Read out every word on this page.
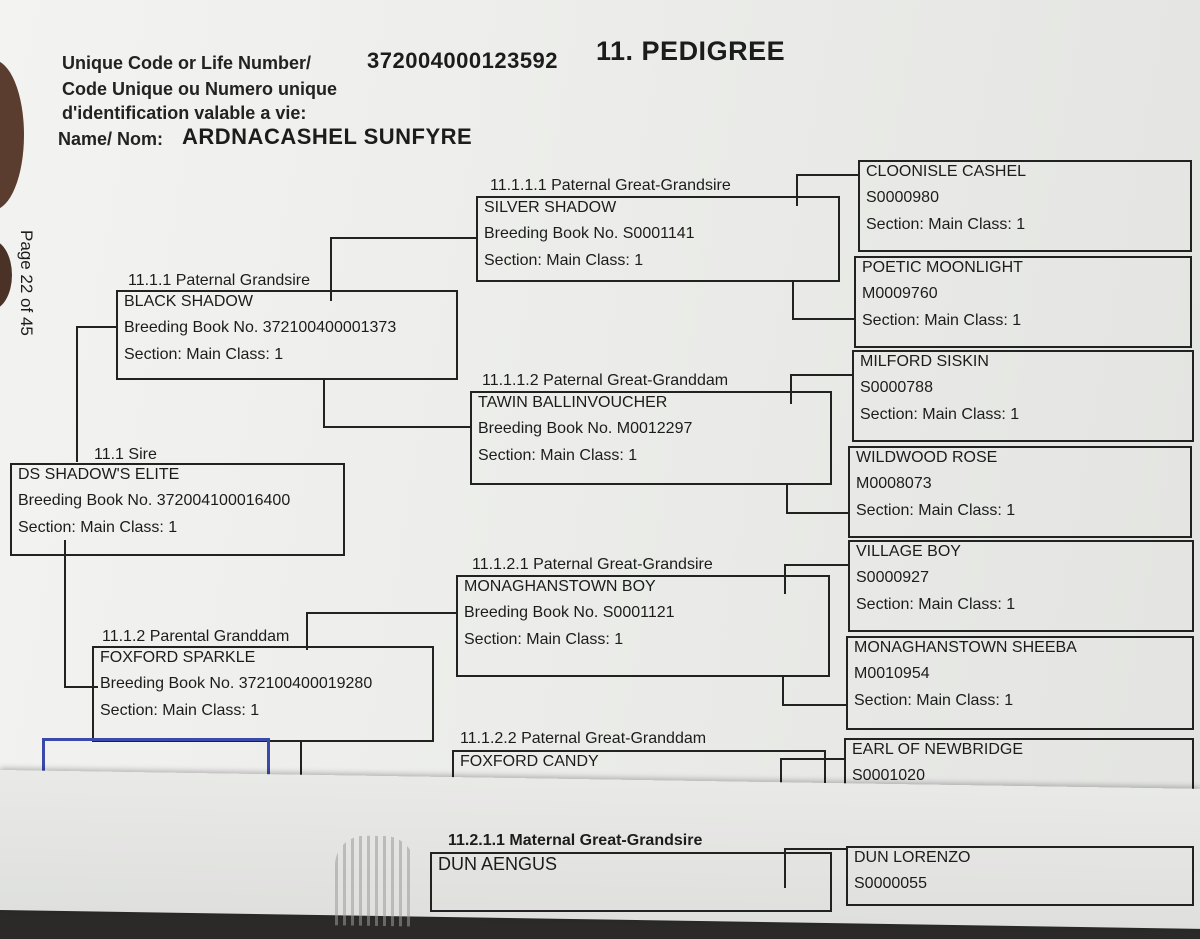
Unique Code or Life Number/
Code Unique ou Numero unique
d'identification valable a vie:
372004000123592 11. PEDIGREE
Name/ Nom: ARDNACASHEL SUNFYRE
Page 22 of 45
11.1 Sire
DS SHADOW'S ELITE
Breeding Book No. 372004100016400
Section: Main Class: 1
11.1.1 Paternal Grandsire
BLACK SHADOW
Breeding Book No. 372100400001373
Section: Main Class: 1
11.1.2 Parental Granddam
FOXFORD SPARKLE
Breeding Book No. 372100400019280
Section: Main Class: 1
11.1.1.1 Paternal Great-Grandsire
SILVER SHADOW
Breeding Book No. S0001141
Section: Main Class: 1
11.1.1.2 Paternal Great-Granddam
TAWIN BALLINVOUCHER
Breeding Book No. M0012297
Section: Main Class: 1
11.1.2.1 Paternal Great-Grandsire
MONAGHANSTOWN BOY
Breeding Book No. S0001121
Section: Main Class: 1
11.1.2.2 Paternal Great-Granddam
FOXFORD CANDY
CLOONISLE CASHEL
S0000980
Section: Main Class: 1
POETIC MOONLIGHT
M0009760
Section: Main Class: 1
MILFORD SISKIN
S0000788
Section: Main Class: 1
WILDWOOD ROSE
M0008073
Section: Main Class: 1
VILLAGE BOY
S0000927
Section: Main Class: 1
MONAGHANSTOWN SHEEBA
M0010954
Section: Main Class: 1
EARL OF NEWBRIDGE
S0001020
11.2.1.1 Maternal Great-Grandsire
DUN AENGUS	DUN LORENZO
S0000055
